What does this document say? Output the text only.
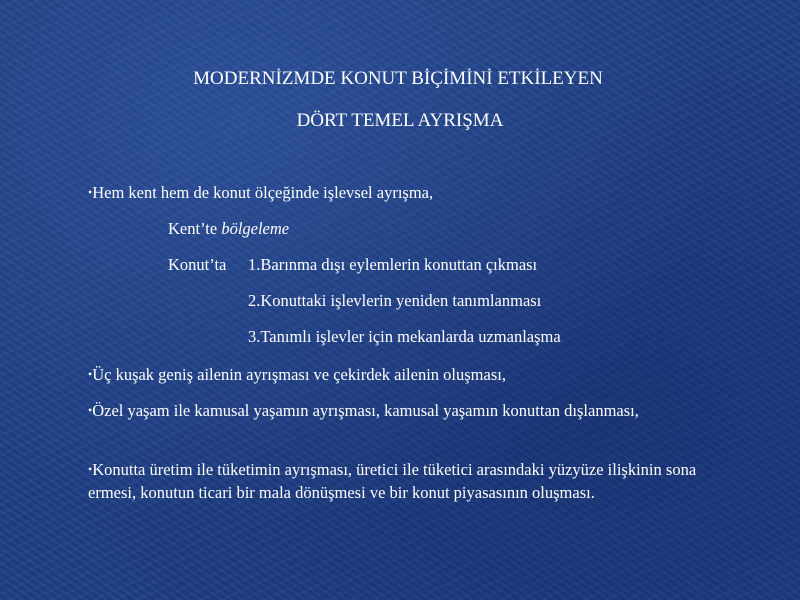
MODERNİZMDE KONUT BİÇİMİNİ ETKİLEYEN
DÖRT TEMEL AYRIŞMA
•Hem kent hem de konut ölçeğinde işlevsel ayrışma,
Kent’te bölgeleme
Konut’ta 1.Barınma dışı eylemlerin konuttan çıkması
2.Konuttaki işlevlerin yeniden tanımlanması
3.Tanımlı işlevler için mekanlarda uzmanlaşma
•Üç kuşak geniş ailenin ayrışması ve çekirdek ailenin oluşması,
•Özel yaşam ile kamusal yaşamın ayrışması, kamusal yaşamın konuttan dışlanması,
•Konutta üretim ile tüketimin ayrışması, üretici ile tüketici arasındaki yüzyüze ilişkinin sona ermesi, konutun ticari bir mala dönüşmesi ve bir konut piyasasının oluşması.
